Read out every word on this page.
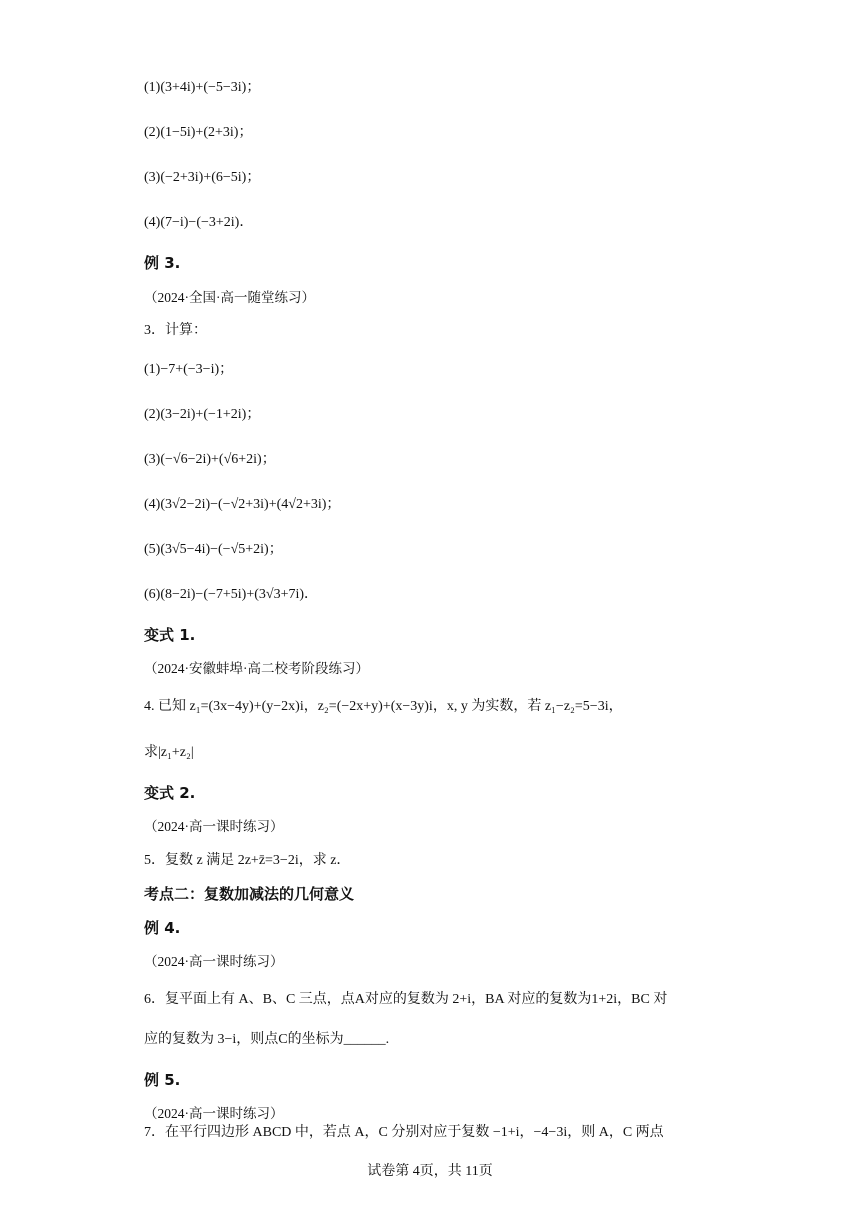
(1)(3+4i)+(−5−3i)；
(2)(1−5i)+(2+3i)；
(3)(−2+3i)+(6−5i)；
(4)(7−i)−(−3+2i)．
例 3.
（2024·全国·高一随堂练习）
3．计算：
(1)−7+(−3−i)；
(2)(3−2i)+(−1+2i)；
(3)(−√6−2i)+(√6+2i)；
(4)(3√2−2i)−(−√2+3i)+(4√2+3i)；
(5)(3√5−4i)−(−√5+2i)；
(6)(8−2i)−(−7+5i)+(3√3+7i)．
变式 1.
（2024·安徽蚌埠·高二校考阶段练习）
4. 已知 z₁=(3x−4y)+(y−2x)i，z₂=(−2x+y)+(x−3y)i，x, y 为实数，若 z₁−z₂=5−3i，
求|z₁+z₂|
变式 2.
（2024·高一课时练习）
5．复数 z 满足 2z+z̄=3−2i，求 z．
考点二：复数加减法的几何意义
例 4.
（2024·高一课时练习）
6．复平面上有 A、B、C 三点，点A对应的复数为 2+i，BA 对应的复数为1+2i，BC 对
应的复数为 3−i，则点C的坐标为______.
例 5.
（2024·高一课时练习）
7．在平行四边形 ABCD 中，若点 A，C 分别对应于复数 −1+i，−4−3i，则 A，C 两点
试卷第 4页，共 11页
